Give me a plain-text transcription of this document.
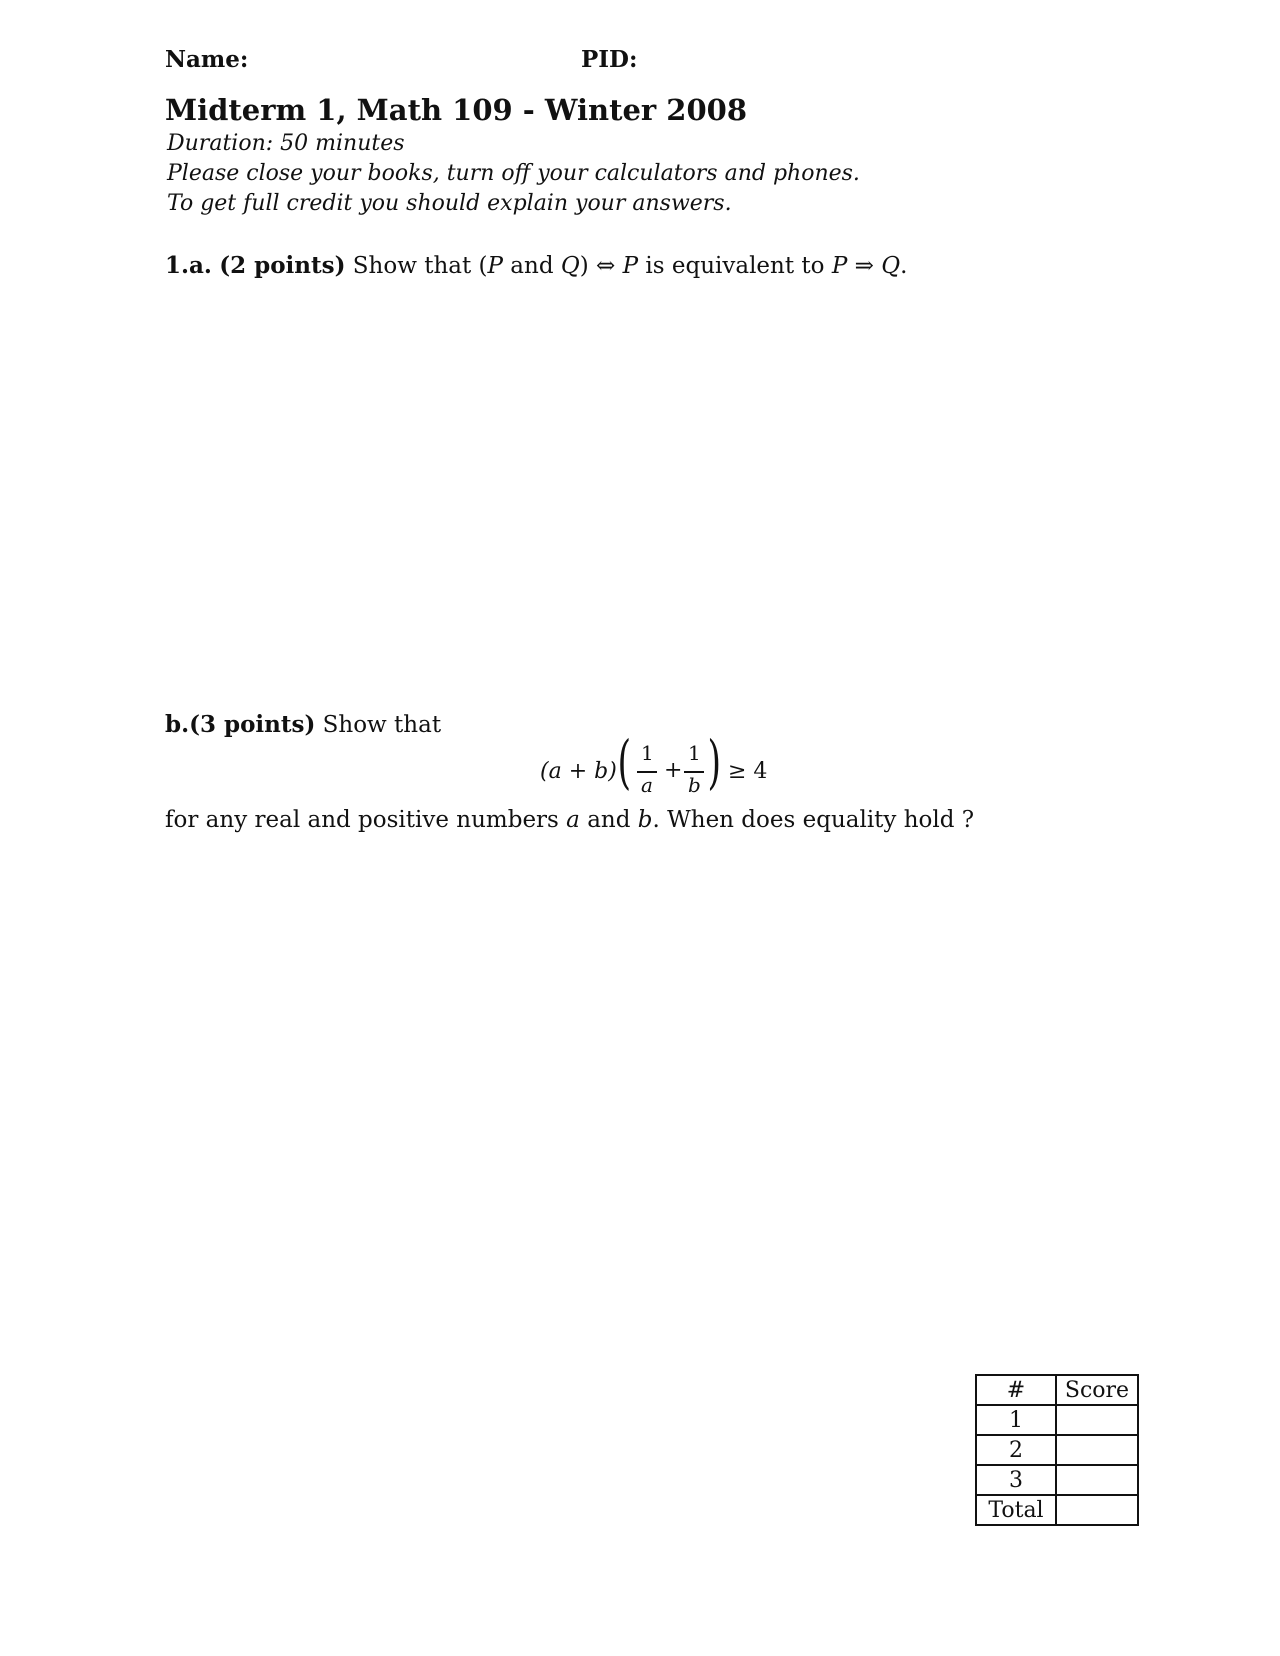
Name:	PID:
Midterm 1, Math 109 - Winter 2008
Duration: 50 minutes
Please close your books, turn off your calculators and phones.
To get full credit you should explain your answers.
1.a. (2 points) Show that (P and Q) ⇔ P is equivalent to P ⇒ Q.
b.(3 points) Show that
(a + b) ( 1
a
+
1
b ) ≥ 4
for any real and positive numbers a and b. When does equality hold ?
#	Score
1	
2	
3	
Total	
